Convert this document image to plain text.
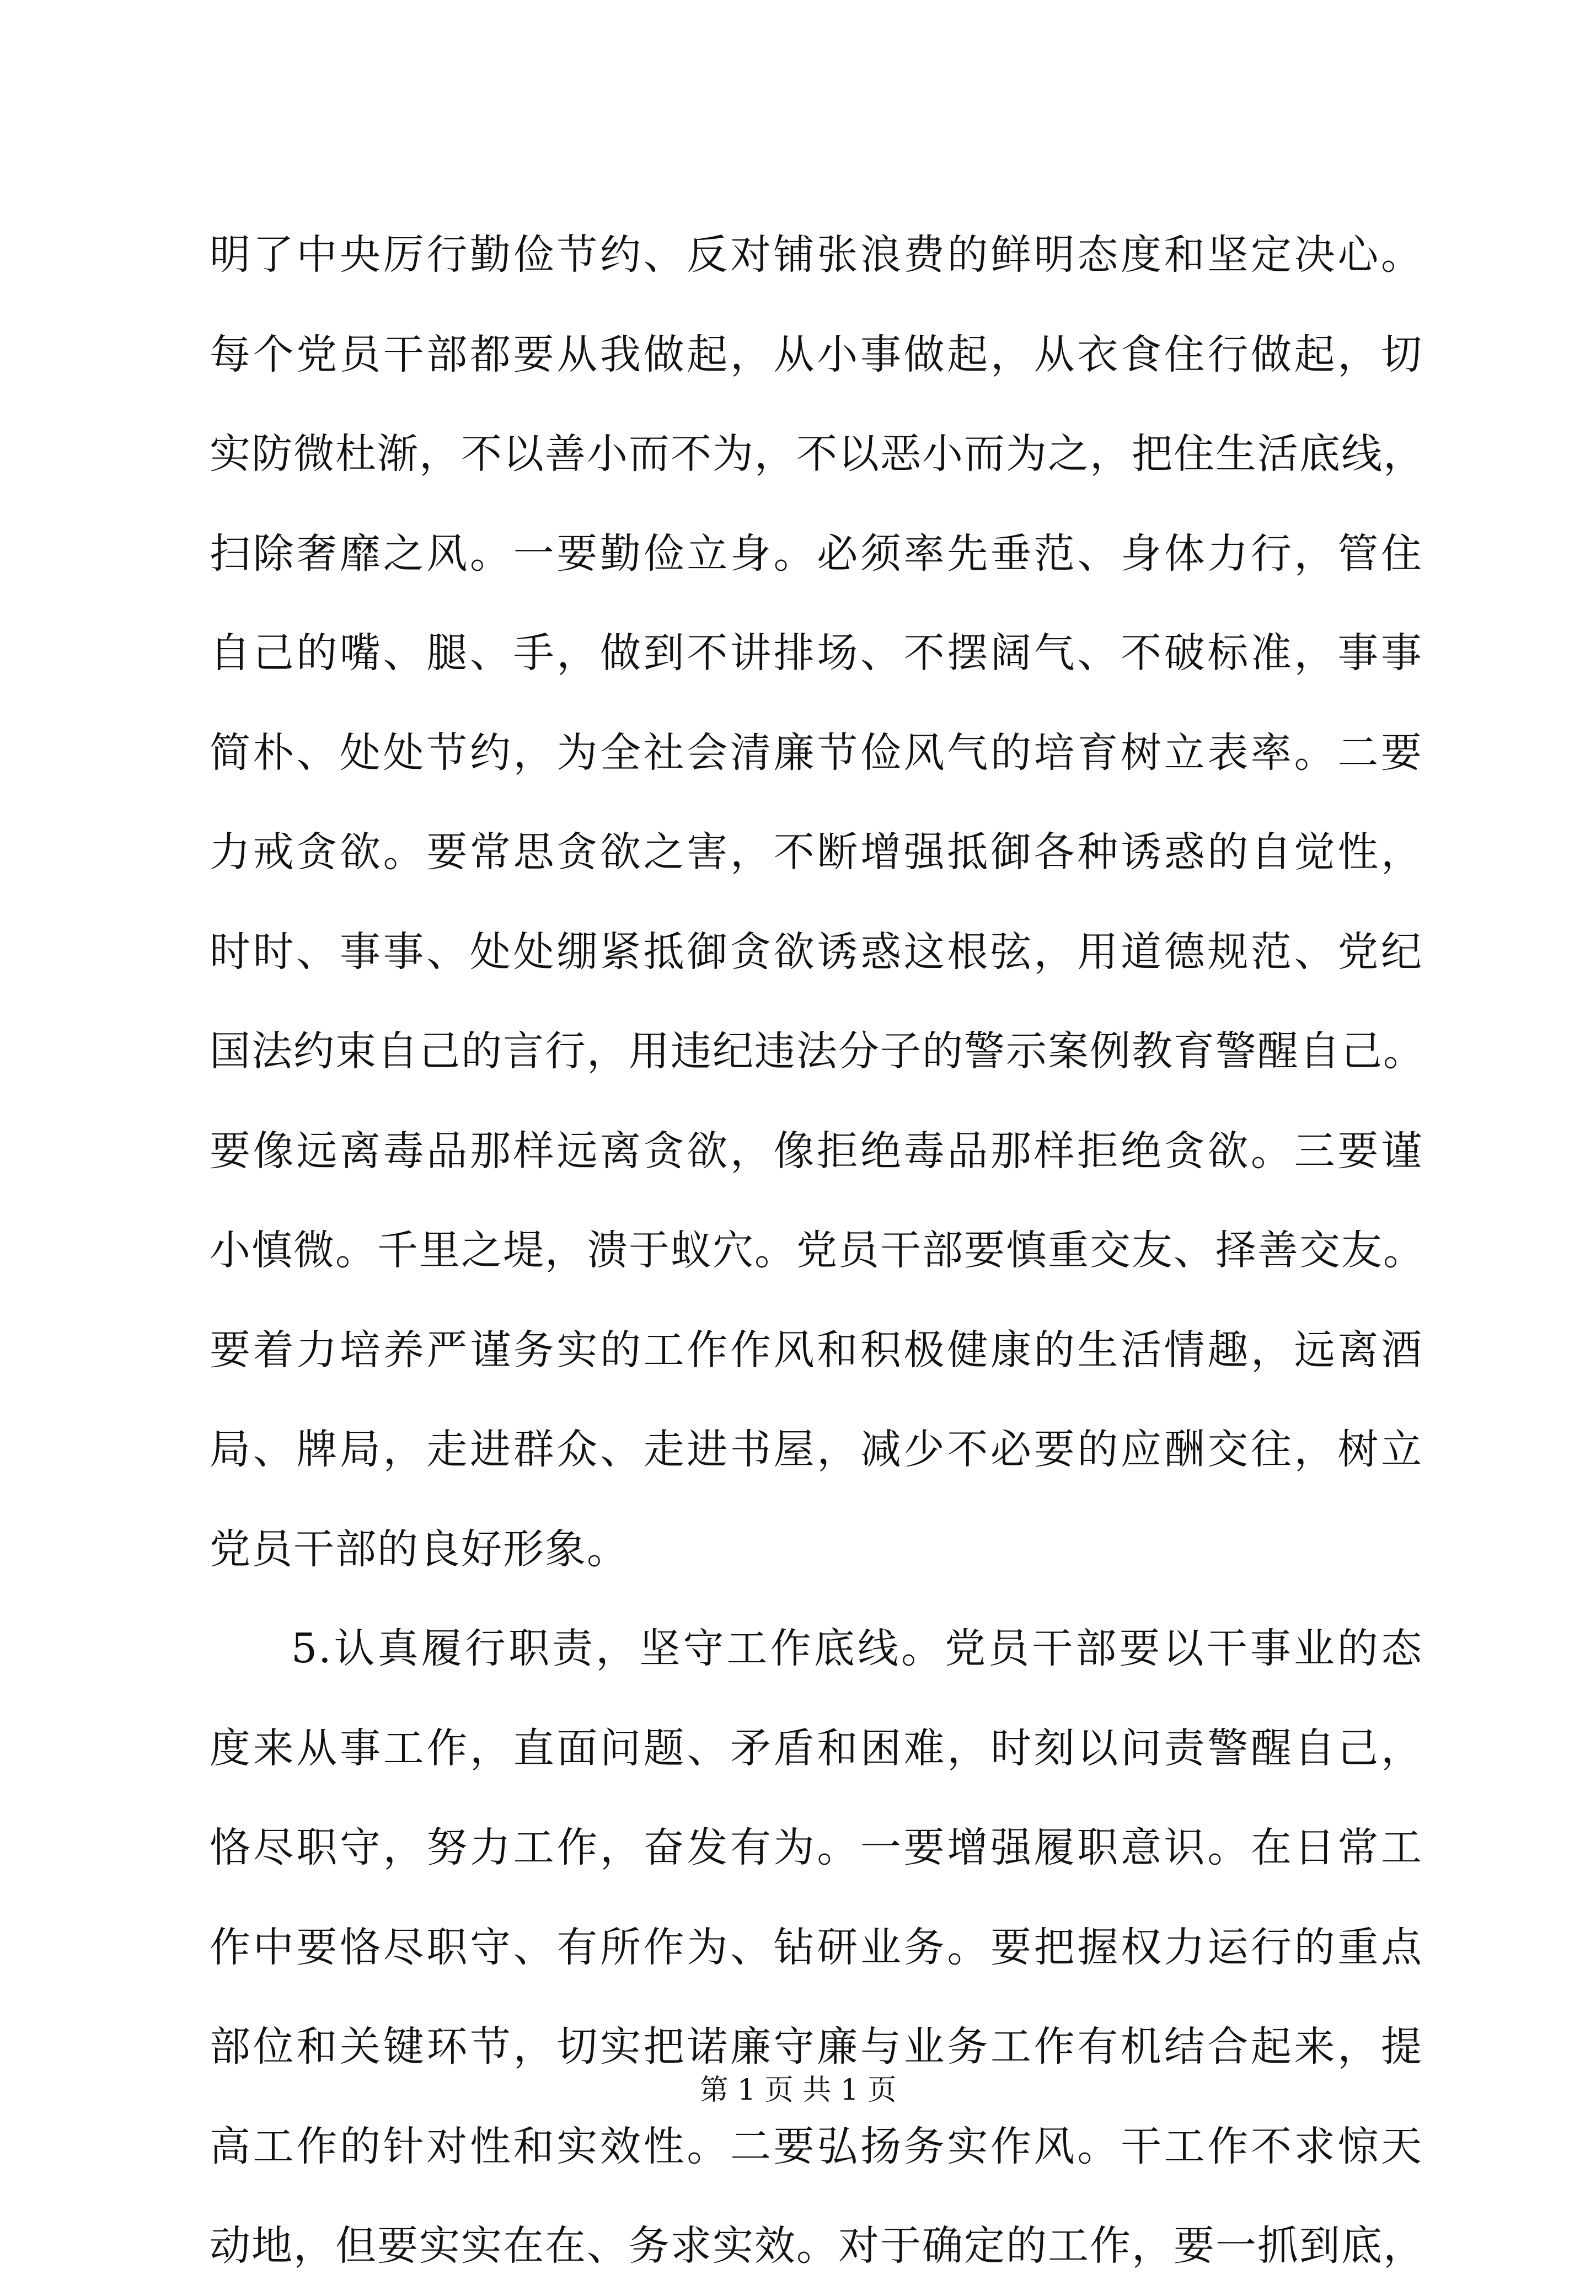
明了中央厉行勤俭节约、反对铺张浪费的鲜明态度和坚定决心。
每个党员干部都要从我做起，从小事做起，从衣食住行做起，切
实防微杜渐，不以善小而不为，不以恶小而为之，把住生活底线，
扫除奢靡之风。一要勤俭立身。必须率先垂范、身体力行，管住
自己的嘴、腿、手，做到不讲排场、不摆阔气、不破标准，事事
简朴、处处节约，为全社会清廉节俭风气的培育树立表率。二要
力戒贪欲。要常思贪欲之害，不断增强抵御各种诱惑的自觉性，
时时、事事、处处绷紧抵御贪欲诱惑这根弦，用道德规范、党纪
国法约束自己的言行，用违纪违法分子的警示案例教育警醒自己。
要像远离毒品那样远离贪欲，像拒绝毒品那样拒绝贪欲。三要谨
小慎微。千里之堤，溃于蚁穴。党员干部要慎重交友、择善交友。
要着力培养严谨务实的工作作风和积极健康的生活情趣，远离酒
局、牌局，走进群众、走进书屋，减少不必要的应酬交往，树立
党员干部的良好形象。
5.认真履行职责，坚守工作底线。党员干部要以干事业的态
度来从事工作，直面问题、矛盾和困难，时刻以问责警醒自己，
恪尽职守，努力工作，奋发有为。一要增强履职意识。在日常工
作中要恪尽职守、有所作为、钻研业务。要把握权力运行的重点
部位和关键环节，切实把诺廉守廉与业务工作有机结合起来，提
高工作的针对性和实效性。二要弘扬务实作风。干工作不求惊天
动地，但要实实在在、务求实效。对于确定的工作，要一抓到底，
第 1 页 共 1 页
